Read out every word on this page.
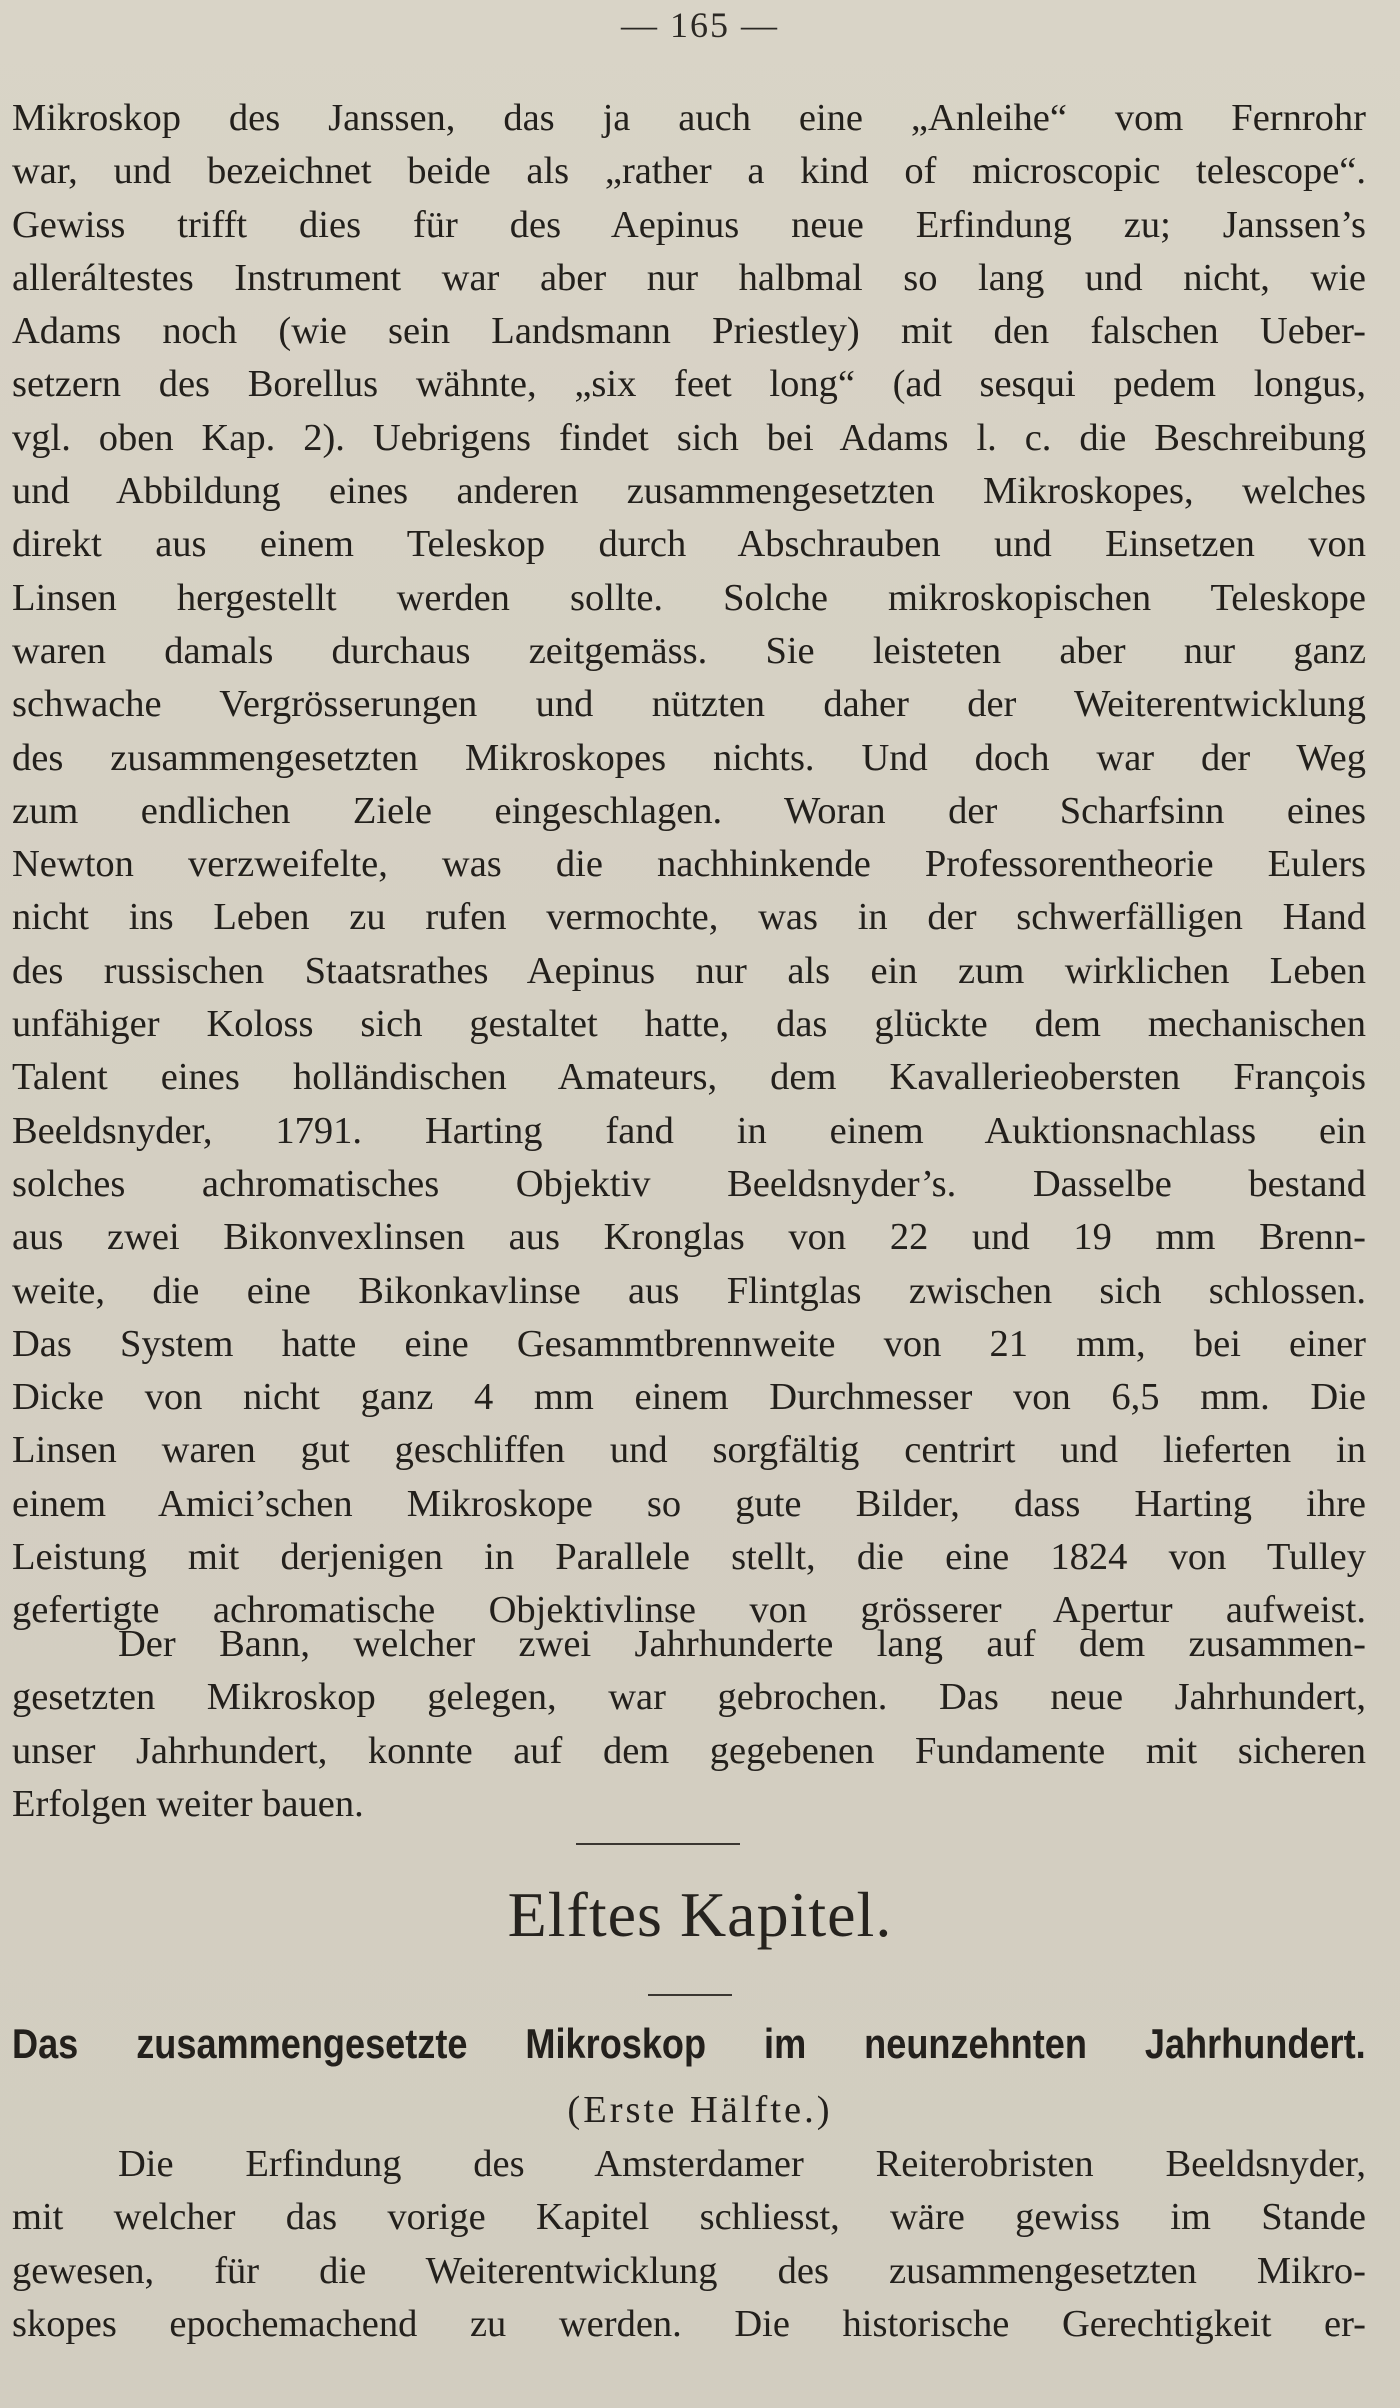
— 165 —
Mikroskop des Janssen, das ja auch eine „Anleihe“ vom Fernrohr
war, und bezeichnet beide als „rather a kind of microscopic telescope“.
Gewiss trifft dies für des Aepinus neue Erfindung zu; Janssen’s
alleráltestes Instrument war aber nur halbmal so lang und nicht, wie
Adams noch (wie sein Landsmann Priestley) mit den falschen Ueber-
setzern des Borellus wähnte, „six feet long“ (ad sesqui pedem longus,
vgl. oben Kap. 2). Uebrigens findet sich bei Adams l. c. die Beschreibung
und Abbildung eines anderen zusammengesetzten Mikroskopes, welches
direkt aus einem Teleskop durch Abschrauben und Einsetzen von
Linsen hergestellt werden sollte. Solche mikroskopischen Teleskope
waren damals durchaus zeitgemäss. Sie leisteten aber nur ganz
schwache Vergrösserungen und nützten daher der Weiterentwicklung
des zusammengesetzten Mikroskopes nichts. Und doch war der Weg
zum endlichen Ziele eingeschlagen. Woran der Scharfsinn eines
Newton verzweifelte, was die nachhinkende Professorentheorie Eulers
nicht ins Leben zu rufen vermochte, was in der schwerfälligen Hand
des russischen Staatsrathes Aepinus nur als ein zum wirklichen Leben
unfähiger Koloss sich gestaltet hatte, das glückte dem mechanischen
Talent eines holländischen Amateurs, dem Kavallerieobersten François
Beeldsnyder, 1791. Harting fand in einem Auktionsnachlass ein
solches achromatisches Objektiv Beeldsnyder’s. Dasselbe bestand
aus zwei Bikonvexlinsen aus Kronglas von 22 und 19 mm Brenn-
weite, die eine Bikonkavlinse aus Flintglas zwischen sich schlossen.
Das System hatte eine Gesammtbrennweite von 21 mm, bei einer
Dicke von nicht ganz 4 mm einem Durchmesser von 6,5 mm. Die
Linsen waren gut geschliffen und sorgfältig centrirt und lieferten in
einem Amici’schen Mikroskope so gute Bilder, dass Harting ihre
Leistung mit derjenigen in Parallele stellt, die eine 1824 von Tulley
gefertigte achromatische Objektivlinse von grösserer Apertur aufweist.
Der Bann, welcher zwei Jahrhunderte lang auf dem zusammen-
gesetzten Mikroskop gelegen, war gebrochen. Das neue Jahrhundert,
unser Jahrhundert, konnte auf dem gegebenen Fundamente mit sicheren
Erfolgen weiter bauen.
Elftes Kapitel.
Das zusammengesetzte Mikroskop im neunzehnten Jahrhundert.
(Erste Hälfte.)
Die Erfindung des Amsterdamer Reiterobristen Beeldsnyder,
mit welcher das vorige Kapitel schliesst, wäre gewiss im Stande
gewesen, für die Weiterentwicklung des zusammengesetzten Mikro-
skopes epochemachend zu werden. Die historische Gerechtigkeit er-
